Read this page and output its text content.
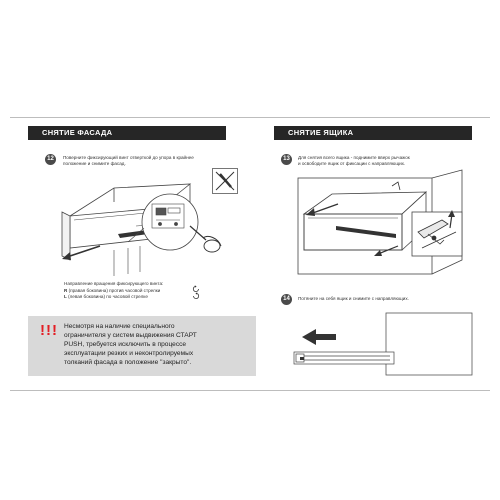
СНЯТИЕ ФАСАДА
12	Поверните фиксирующий винт отверткой до упора в крайнее
положение и снимите фасад.
Направление вращения фиксирующего винта:
R (правая боковина) против часовой стрелки
L (левая боковина) по часовой стрелке
!!! Несмотря на наличие специального
ограничителя у систем выдвижения СТАРТ
PUSH, требуется исключить в процессе
эксплуатации резких и неконтролируемых
толканий фасада в положение "закрыто".
СНЯТИЕ ЯЩИКА
13	Для снятия всего ящика - поднимите вверх рычажок
и освободите ящик от фиксации с направляющих.
14	Потяните на себя ящик и снимите с направляющих.
